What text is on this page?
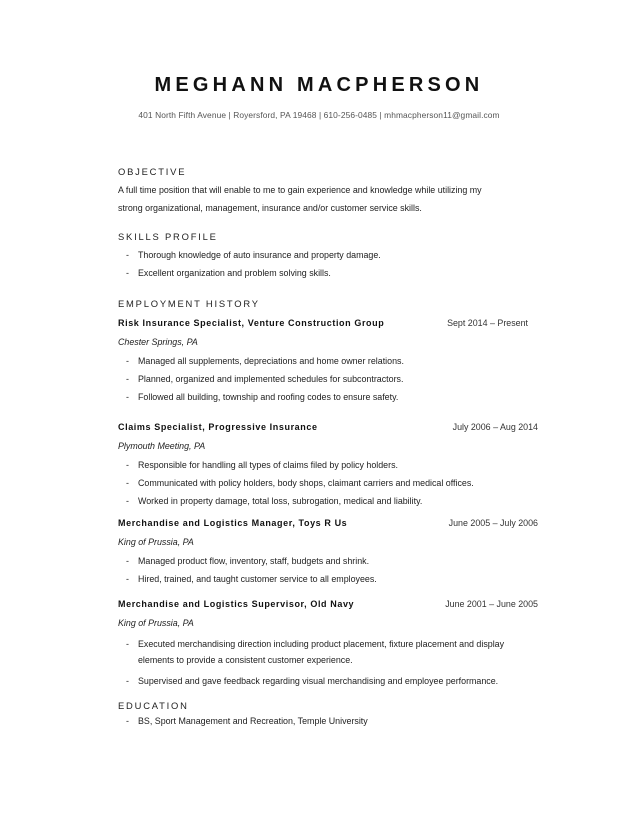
MEGHANN MACPHERSON
401 North Fifth Avenue | Royersford, PA 19468 | 610-256-0485 | mhmacpherson11@gmail.com
OBJECTIVE
A full time position that will enable to me to gain experience and knowledge while utilizing my
strong organizational, management, insurance and/or customer service skills.
SKILLS PROFILE
- Thorough knowledge of auto insurance and property damage.
- Excellent organization and problem solving skills.
EMPLOYMENT HISTORY
Risk Insurance Specialist, Venture Construction Group	Sept 2014 – Present
Chester Springs, PA
- Managed all supplements, depreciations and home owner relations.
- Planned, organized and implemented schedules for subcontractors.
- Followed all building, township and roofing codes to ensure safety.
Claims Specialist, Progressive Insurance	July 2006 – Aug 2014
Plymouth Meeting, PA
- Responsible for handling all types of claims filed by policy holders.
- Communicated with policy holders, body shops, claimant carriers and medical offices.
- Worked in property damage, total loss, subrogation, medical and liability.
Merchandise and Logistics Manager, Toys R Us	June 2005 – July 2006
King of Prussia, PA
- Managed product flow, inventory, staff, budgets and shrink.
- Hired, trained, and taught customer service to all employees.
Merchandise and Logistics Supervisor, Old Navy	June 2001 – June 2005
King of Prussia, PA
- Executed merchandising direction including product placement, fixture placement and display elements to provide a consistent customer experience.
- Supervised and gave feedback regarding visual merchandising and employee performance.
EDUCATION
- BS, Sport Management and Recreation, Temple University
